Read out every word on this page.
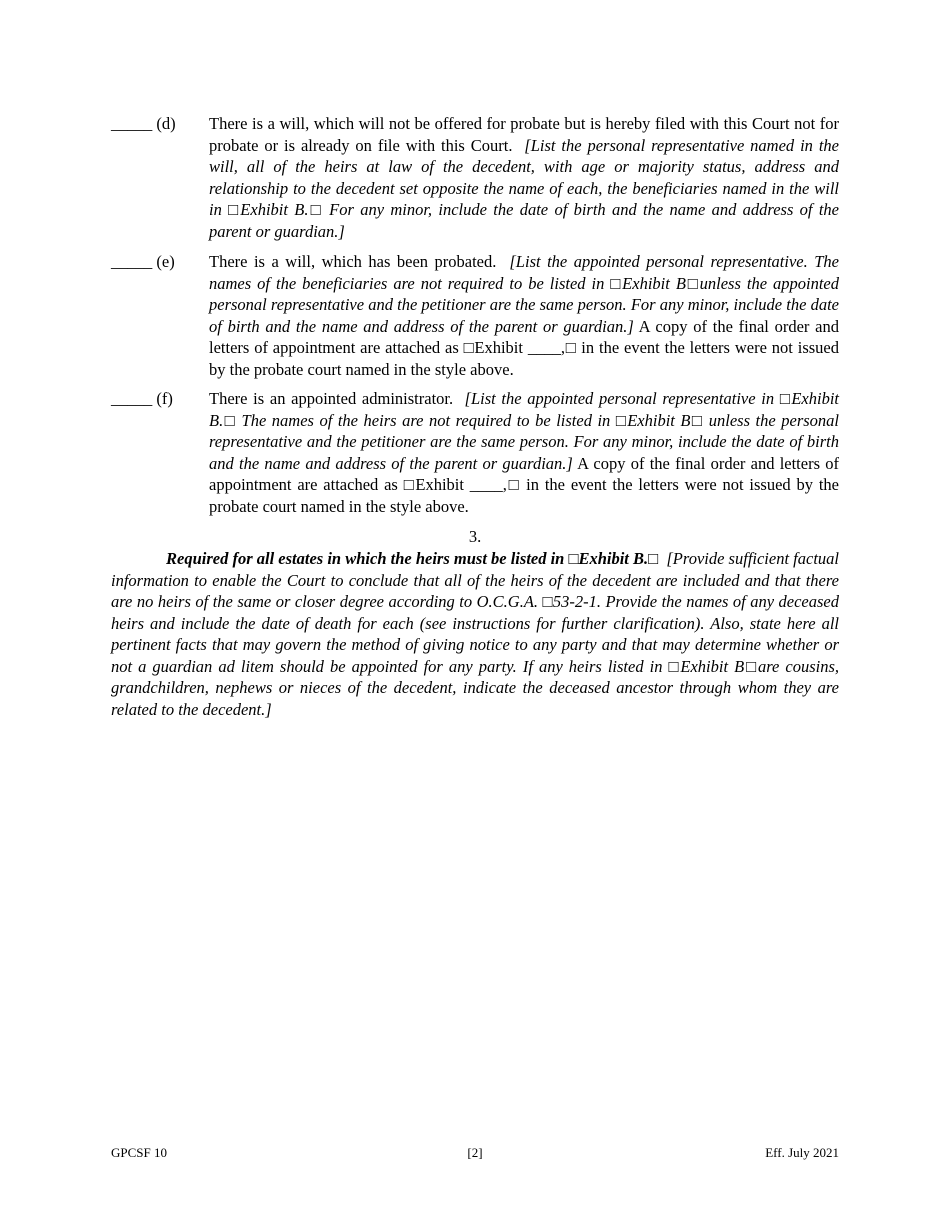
_____ (d) There is a will, which will not be offered for probate but is hereby filed with this Court not for probate or is already on file with this Court. [List the personal representative named in the will, all of the heirs at law of the decedent, with age or majority status, address and relationship to the decedent set opposite the name of each, the beneficiaries named in the will in □Exhibit B.□ For any minor, include the date of birth and the name and address of the parent or guardian.]
_____ (e) There is a will, which has been probated. [List the appointed personal representative. The names of the beneficiaries are not required to be listed in □Exhibit B□unless the appointed personal representative and the petitioner are the same person. For any minor, include the date of birth and the name and address of the parent or guardian.] A copy of the final order and letters of appointment are attached as □Exhibit ____,□ in the event the letters were not issued by the probate court named in the style above.
_____ (f) There is an appointed administrator. [List the appointed personal representative in □Exhibit B.□ The names of the heirs are not required to be listed in □Exhibit B□ unless the personal representative and the petitioner are the same person. For any minor, include the date of birth and the name and address of the parent or guardian.] A copy of the final order and letters of appointment are attached as □Exhibit ____,□ in the event the letters were not issued by the probate court named in the style above.
3.
Required for all estates in which the heirs must be listed in □Exhibit B.□ [Provide sufficient factual information to enable the Court to conclude that all of the heirs of the decedent are included and that there are no heirs of the same or closer degree according to O.C.G.A. □53-2-1. Provide the names of any deceased heirs and include the date of death for each (see instructions for further clarification). Also, state here all pertinent facts that may govern the method of giving notice to any party and that may determine whether or not a guardian ad litem should be appointed for any party. If any heirs listed in □Exhibit B□are cousins, grandchildren, nephews or nieces of the decedent, indicate the deceased ancestor through whom they are related to the decedent.]
GPCSF 10	[2]	Eff. July 2021
